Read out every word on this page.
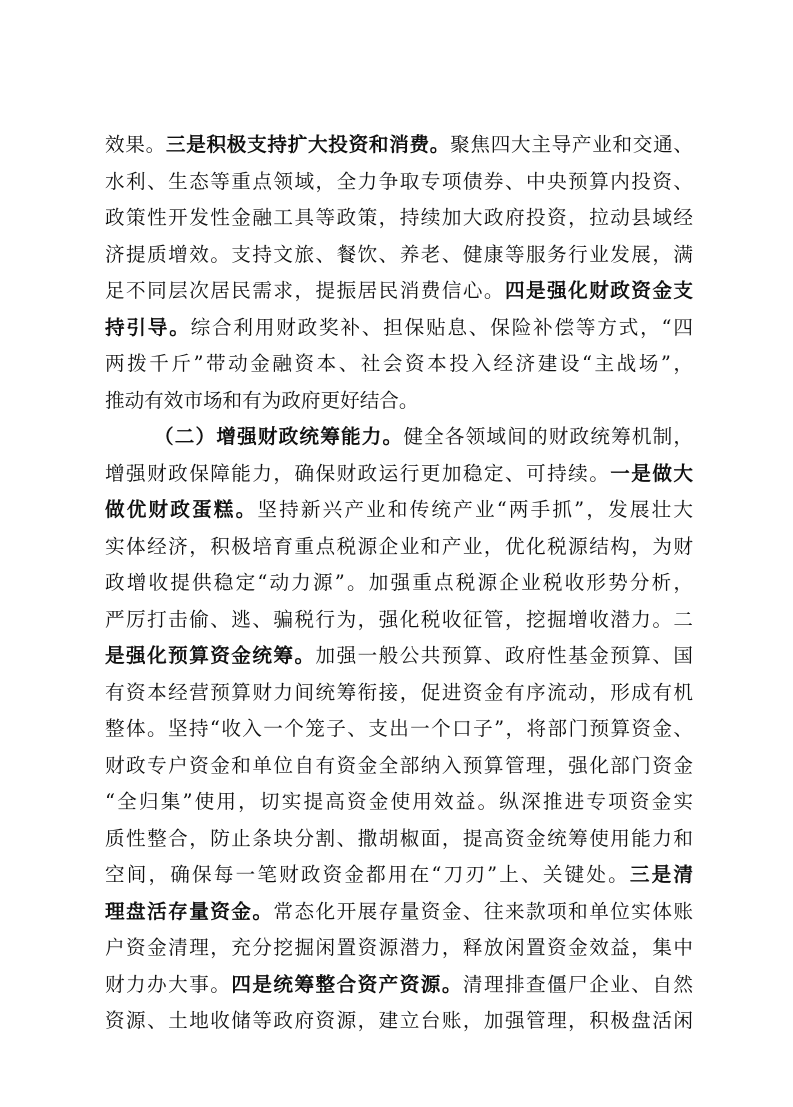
效果。三是积极支持扩大投资和消费。聚焦四大主导产业和交通、
水利、生态等重点领域，全力争取专项债券、中央预算内投资、
政策性开发性金融工具等政策，持续加大政府投资，拉动县域经
济提质增效。支持文旅、餐饮、养老、健康等服务行业发展，满
足不同层次居民需求，提振居民消费信心。四是强化财政资金支
持引导。综合利用财政奖补、担保贴息、保险补偿等方式，“四
两拨千斤”带动金融资本、社会资本投入经济建设“主战场”，
推动有效市场和有为政府更好结合。
（二）增强财政统筹能力。健全各领域间的财政统筹机制，
增强财政保障能力，确保财政运行更加稳定、可持续。一是做大
做优财政蛋糕。坚持新兴产业和传统产业“两手抓”，发展壮大
实体经济，积极培育重点税源企业和产业，优化税源结构，为财
政增收提供稳定“动力源”。加强重点税源企业税收形势分析，
严厉打击偷、逃、骗税行为，强化税收征管，挖掘增收潜力。二
是强化预算资金统筹。加强一般公共预算、政府性基金预算、国
有资本经营预算财力间统筹衔接，促进资金有序流动，形成有机
整体。坚持“收入一个笼子、支出一个口子”，将部门预算资金、
财政专户资金和单位自有资金全部纳入预算管理，强化部门资金
“全归集”使用，切实提高资金使用效益。纵深推进专项资金实
质性整合，防止条块分割、撒胡椒面，提高资金统筹使用能力和
空间，确保每一笔财政资金都用在“刀刃”上、关键处。三是清
理盘活存量资金。常态化开展存量资金、往来款项和单位实体账
户资金清理，充分挖掘闲置资源潜力，释放闲置资金效益，集中
财力办大事。四是统筹整合资产资源。清理排查僵尸企业、自然
资源、土地收储等政府资源，建立台账，加强管理，积极盘活闲
